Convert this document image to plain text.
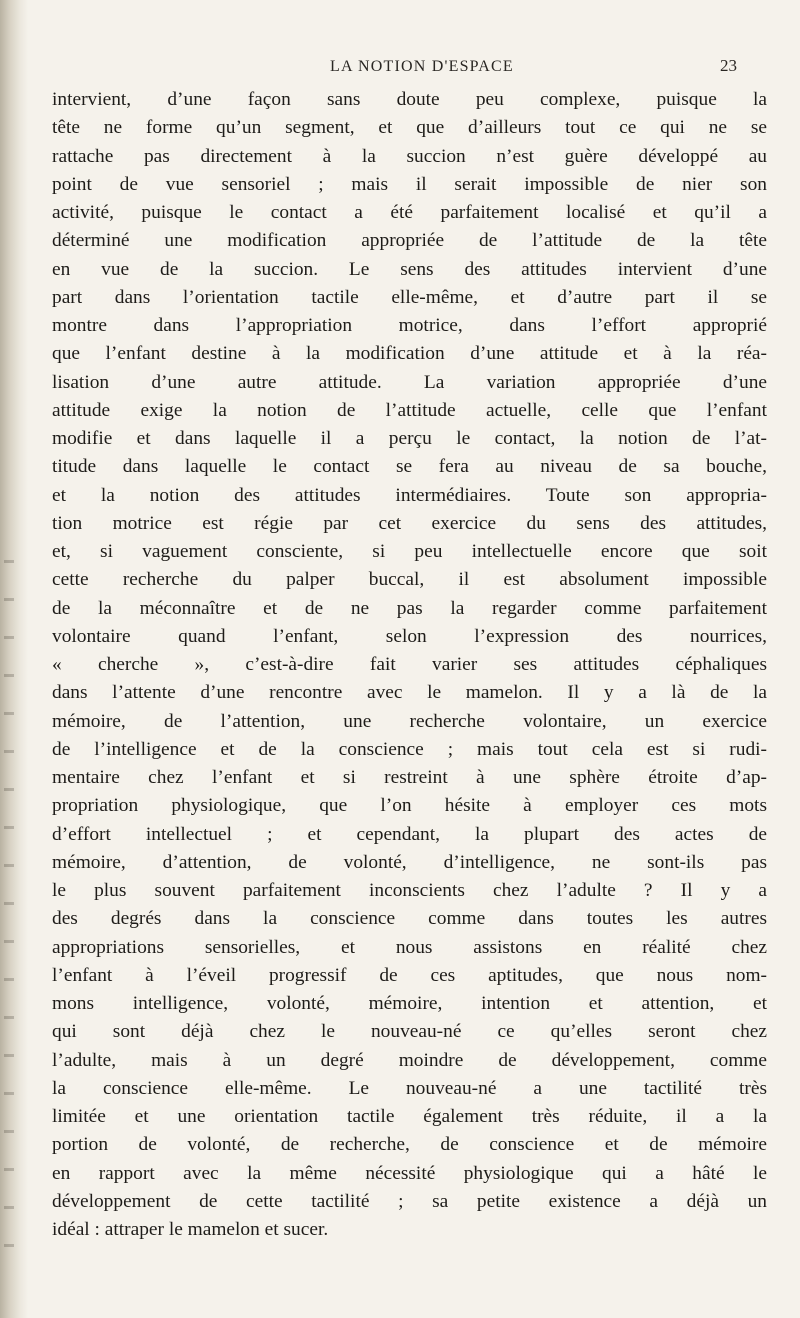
LA NOTION D'ESPACE	23
intervient, d’une façon sans doute peu complexe, puisque la
tête ne forme qu’un segment, et que d’ailleurs tout ce qui ne se
rattache pas directement à la succion n’est guère développé au
point de vue sensoriel ; mais il serait impossible de nier son
activité, puisque le contact a été parfaitement localisé et qu’il a
déterminé une modification appropriée de l’attitude de la tête
en vue de la succion. Le sens des attitudes intervient d’une
part dans l’orientation tactile elle-même, et d’autre part il se
montre dans l’appropriation motrice, dans l’effort approprié
que l’enfant destine à la modification d’une attitude et à la réa-
lisation d’une autre attitude. La variation appropriée d’une
attitude exige la notion de l’attitude actuelle, celle que l’enfant
modifie et dans laquelle il a perçu le contact, la notion de l’at-
titude dans laquelle le contact se fera au niveau de sa bouche,
et la notion des attitudes intermédiaires. Toute son appropria-
tion motrice est régie par cet exercice du sens des attitudes,
et, si vaguement consciente, si peu intellectuelle encore que soit
cette recherche du palper buccal, il est absolument impossible
de la méconnaître et de ne pas la regarder comme parfaitement
volontaire quand l’enfant, selon l’expression des nourrices,
« cherche », c’est-à-dire fait varier ses attitudes céphaliques
dans l’attente d’une rencontre avec le mamelon. Il y a là de la
mémoire, de l’attention, une recherche volontaire, un exercice
de l’intelligence et de la conscience ; mais tout cela est si rudi-
mentaire chez l’enfant et si restreint à une sphère étroite d’ap-
propriation physiologique, que l’on hésite à employer ces mots
d’effort intellectuel ; et cependant, la plupart des actes de
mémoire, d’attention, de volonté, d’intelligence, ne sont-ils pas
le plus souvent parfaitement inconscients chez l’adulte ? Il y a
des degrés dans la conscience comme dans toutes les autres
appropriations sensorielles, et nous assistons en réalité chez
l’enfant à l’éveil progressif de ces aptitudes, que nous nom-
mons intelligence, volonté, mémoire, intention et attention, et
qui sont déjà chez le nouveau-né ce qu’elles seront chez
l’adulte, mais à un degré moindre de développement, comme
la conscience elle-même. Le nouveau-né a une tactilité très
limitée et une orientation tactile également très réduite, il a la
portion de volonté, de recherche, de conscience et de mémoire
en rapport avec la même nécessité physiologique qui a hâté le
développement de cette tactilité ; sa petite existence a déjà un
idéal : attraper le mamelon et sucer.
